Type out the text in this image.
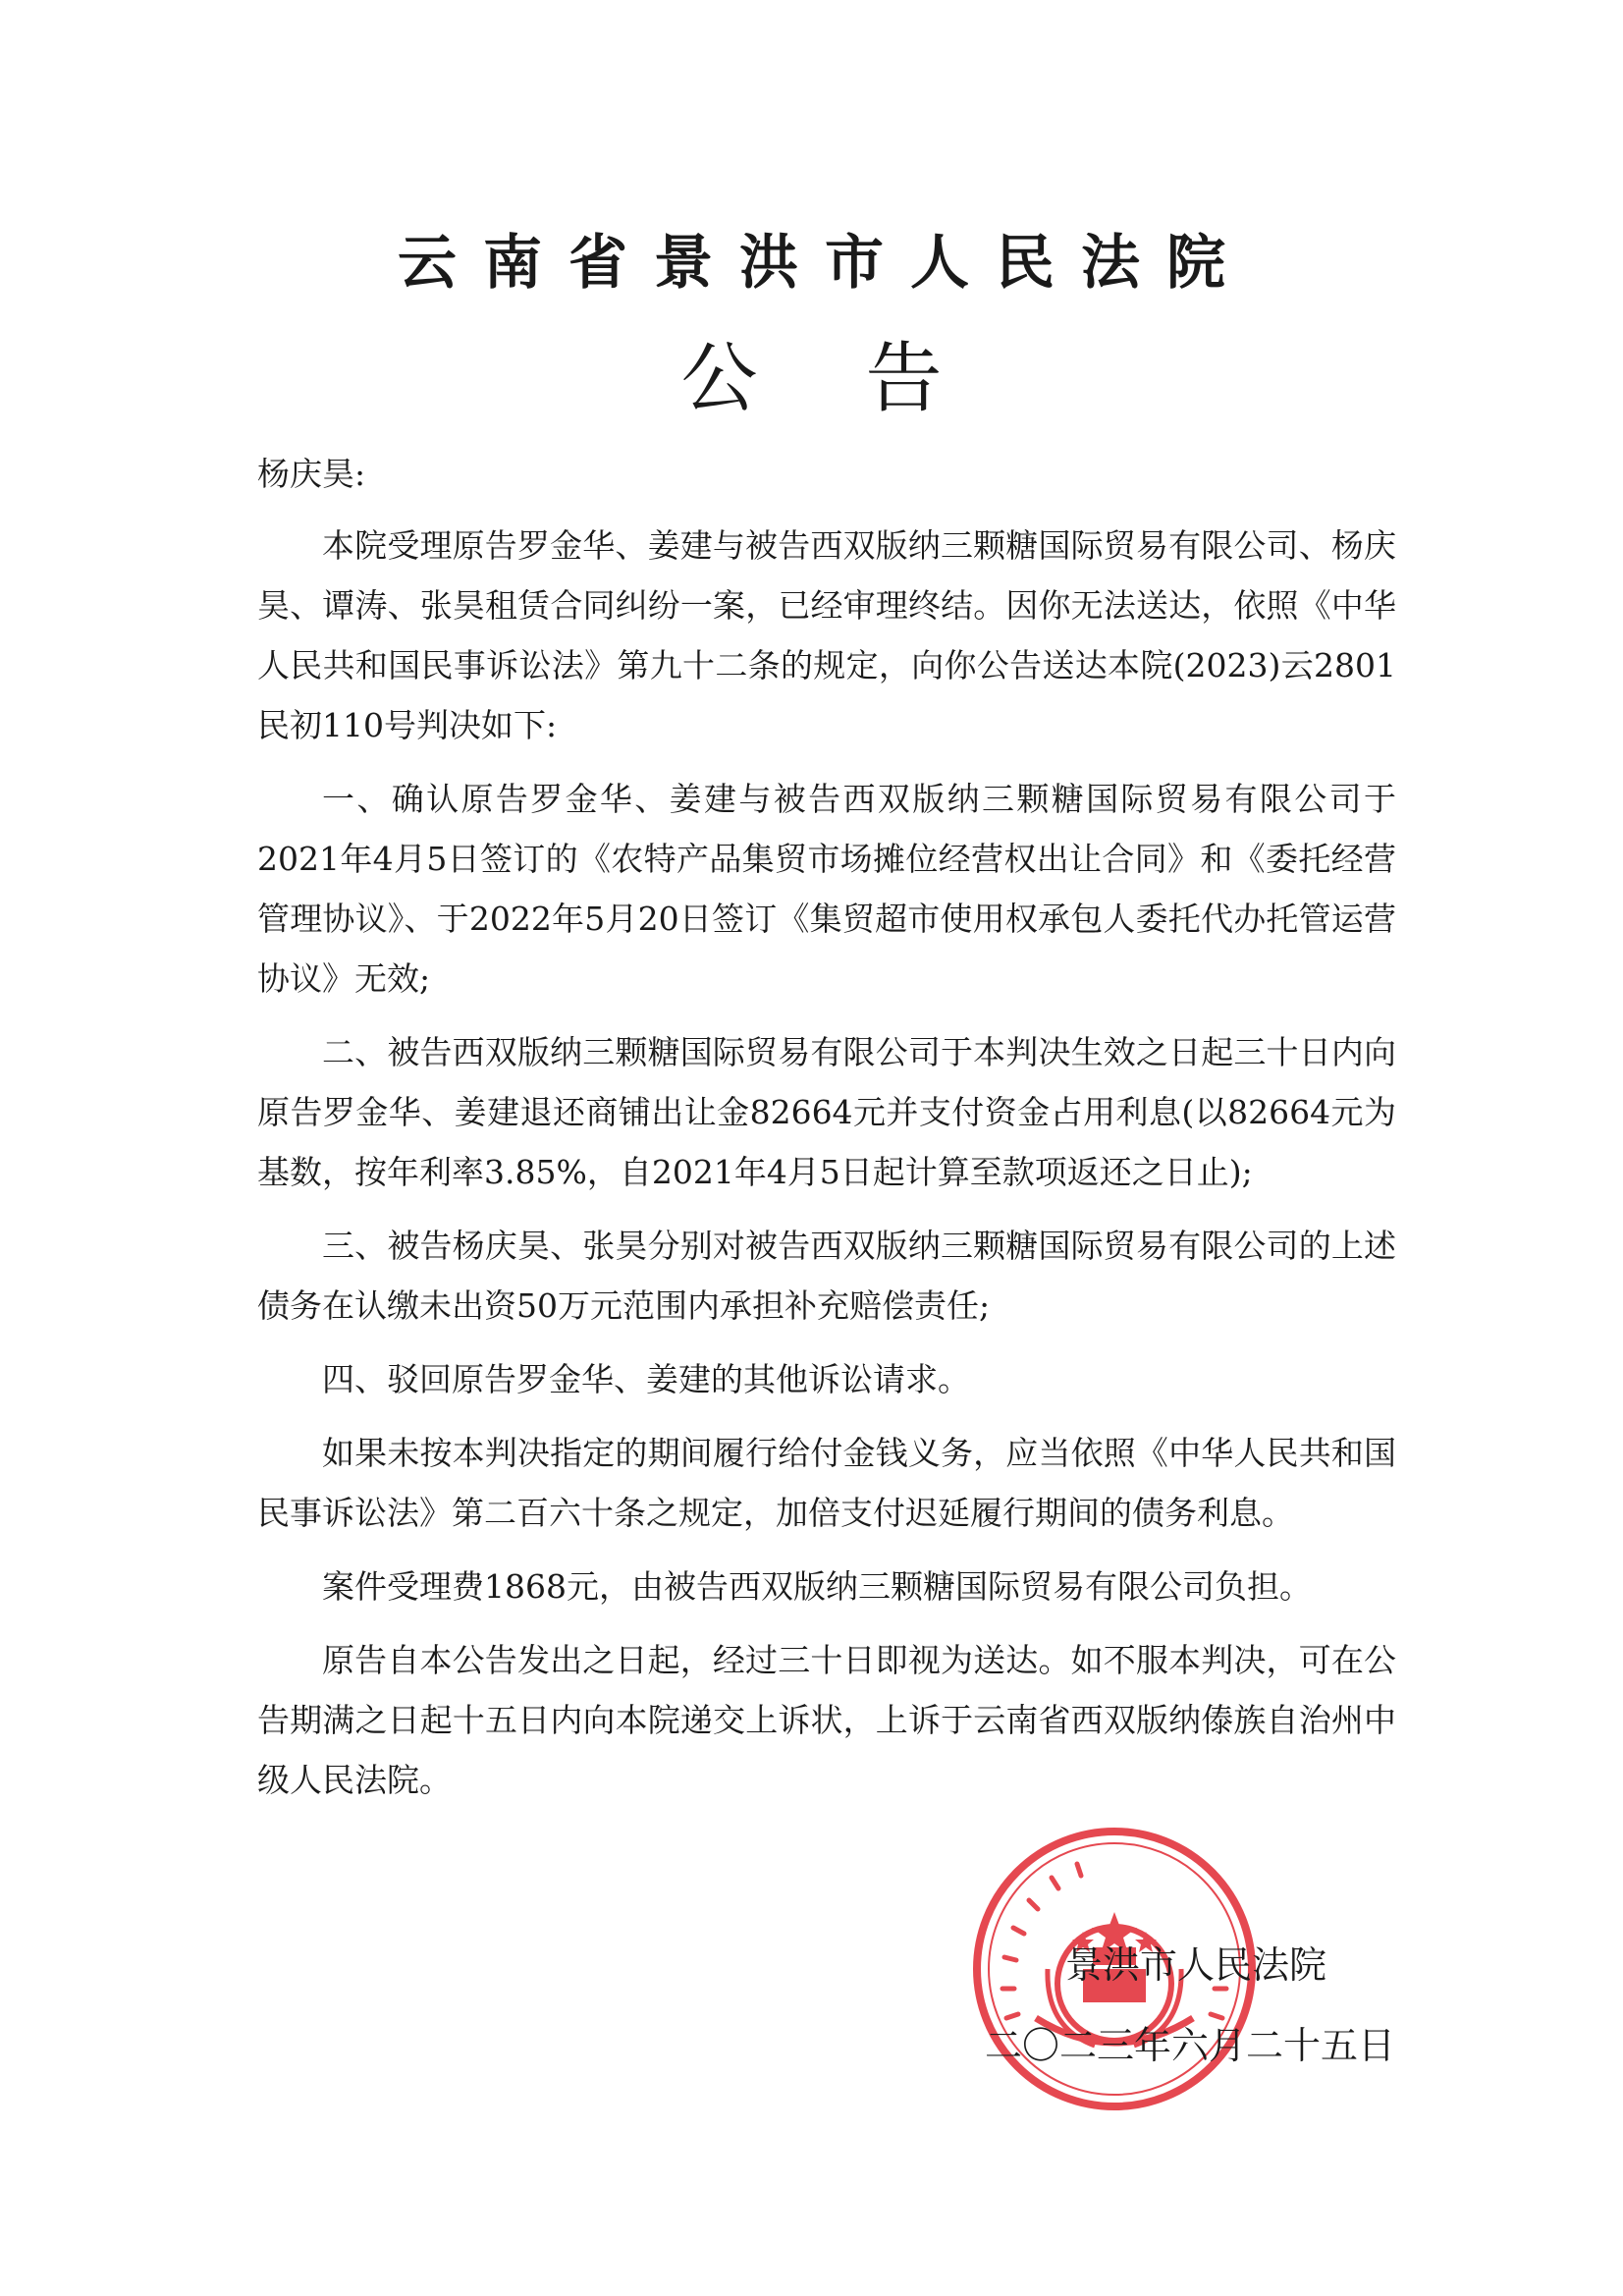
云南省景洪市人民法院
公告

杨庆昊:

本院受理原告罗金华、姜建与被告西双版纳三颗糖国际贸易有限公司、杨庆昊、谭涛、张昊租赁合同纠纷一案，已经审理终结。因你无法送达，依照《中华人民共和国民事诉讼法》第九十二条的规定，向你公告送达本院(2023)云2801民初110号判决如下:

一、确认原告罗金华、姜建与被告西双版纳三颗糖国际贸易有限公司于2021年4月5日签订的《农特产品集贸市场摊位经营权出让合同》和《委托经营管理协议》、于2022年5月20日签订《集贸超市使用权承包人委托代办托管运营协议》无效;

二、被告西双版纳三颗糖国际贸易有限公司于本判决生效之日起三十日内向原告罗金华、姜建退还商铺出让金82664元并支付资金占用利息(以82664元为基数，按年利率3.85%，自2021年4月5日起计算至款项返还之日止);

三、被告杨庆昊、张昊分别对被告西双版纳三颗糖国际贸易有限公司的上述债务在认缴未出资50万元范围内承担补充赔偿责任;

四、驳回原告罗金华、姜建的其他诉讼请求。

如果未按本判决指定的期间履行给付金钱义务，应当依照《中华人民共和国民事诉讼法》第二百六十条之规定，加倍支付迟延履行期间的债务利息。

案件受理费1868元，由被告西双版纳三颗糖国际贸易有限公司负担。

原告自本公告发出之日起，经过三十日即视为送达。如不服本判决，可在公告期满之日起十五日内向本院递交上诉状，上诉于云南省西双版纳傣族自治州中级人民法院。

景洪市人民法院
二〇二三年六月二十五日
